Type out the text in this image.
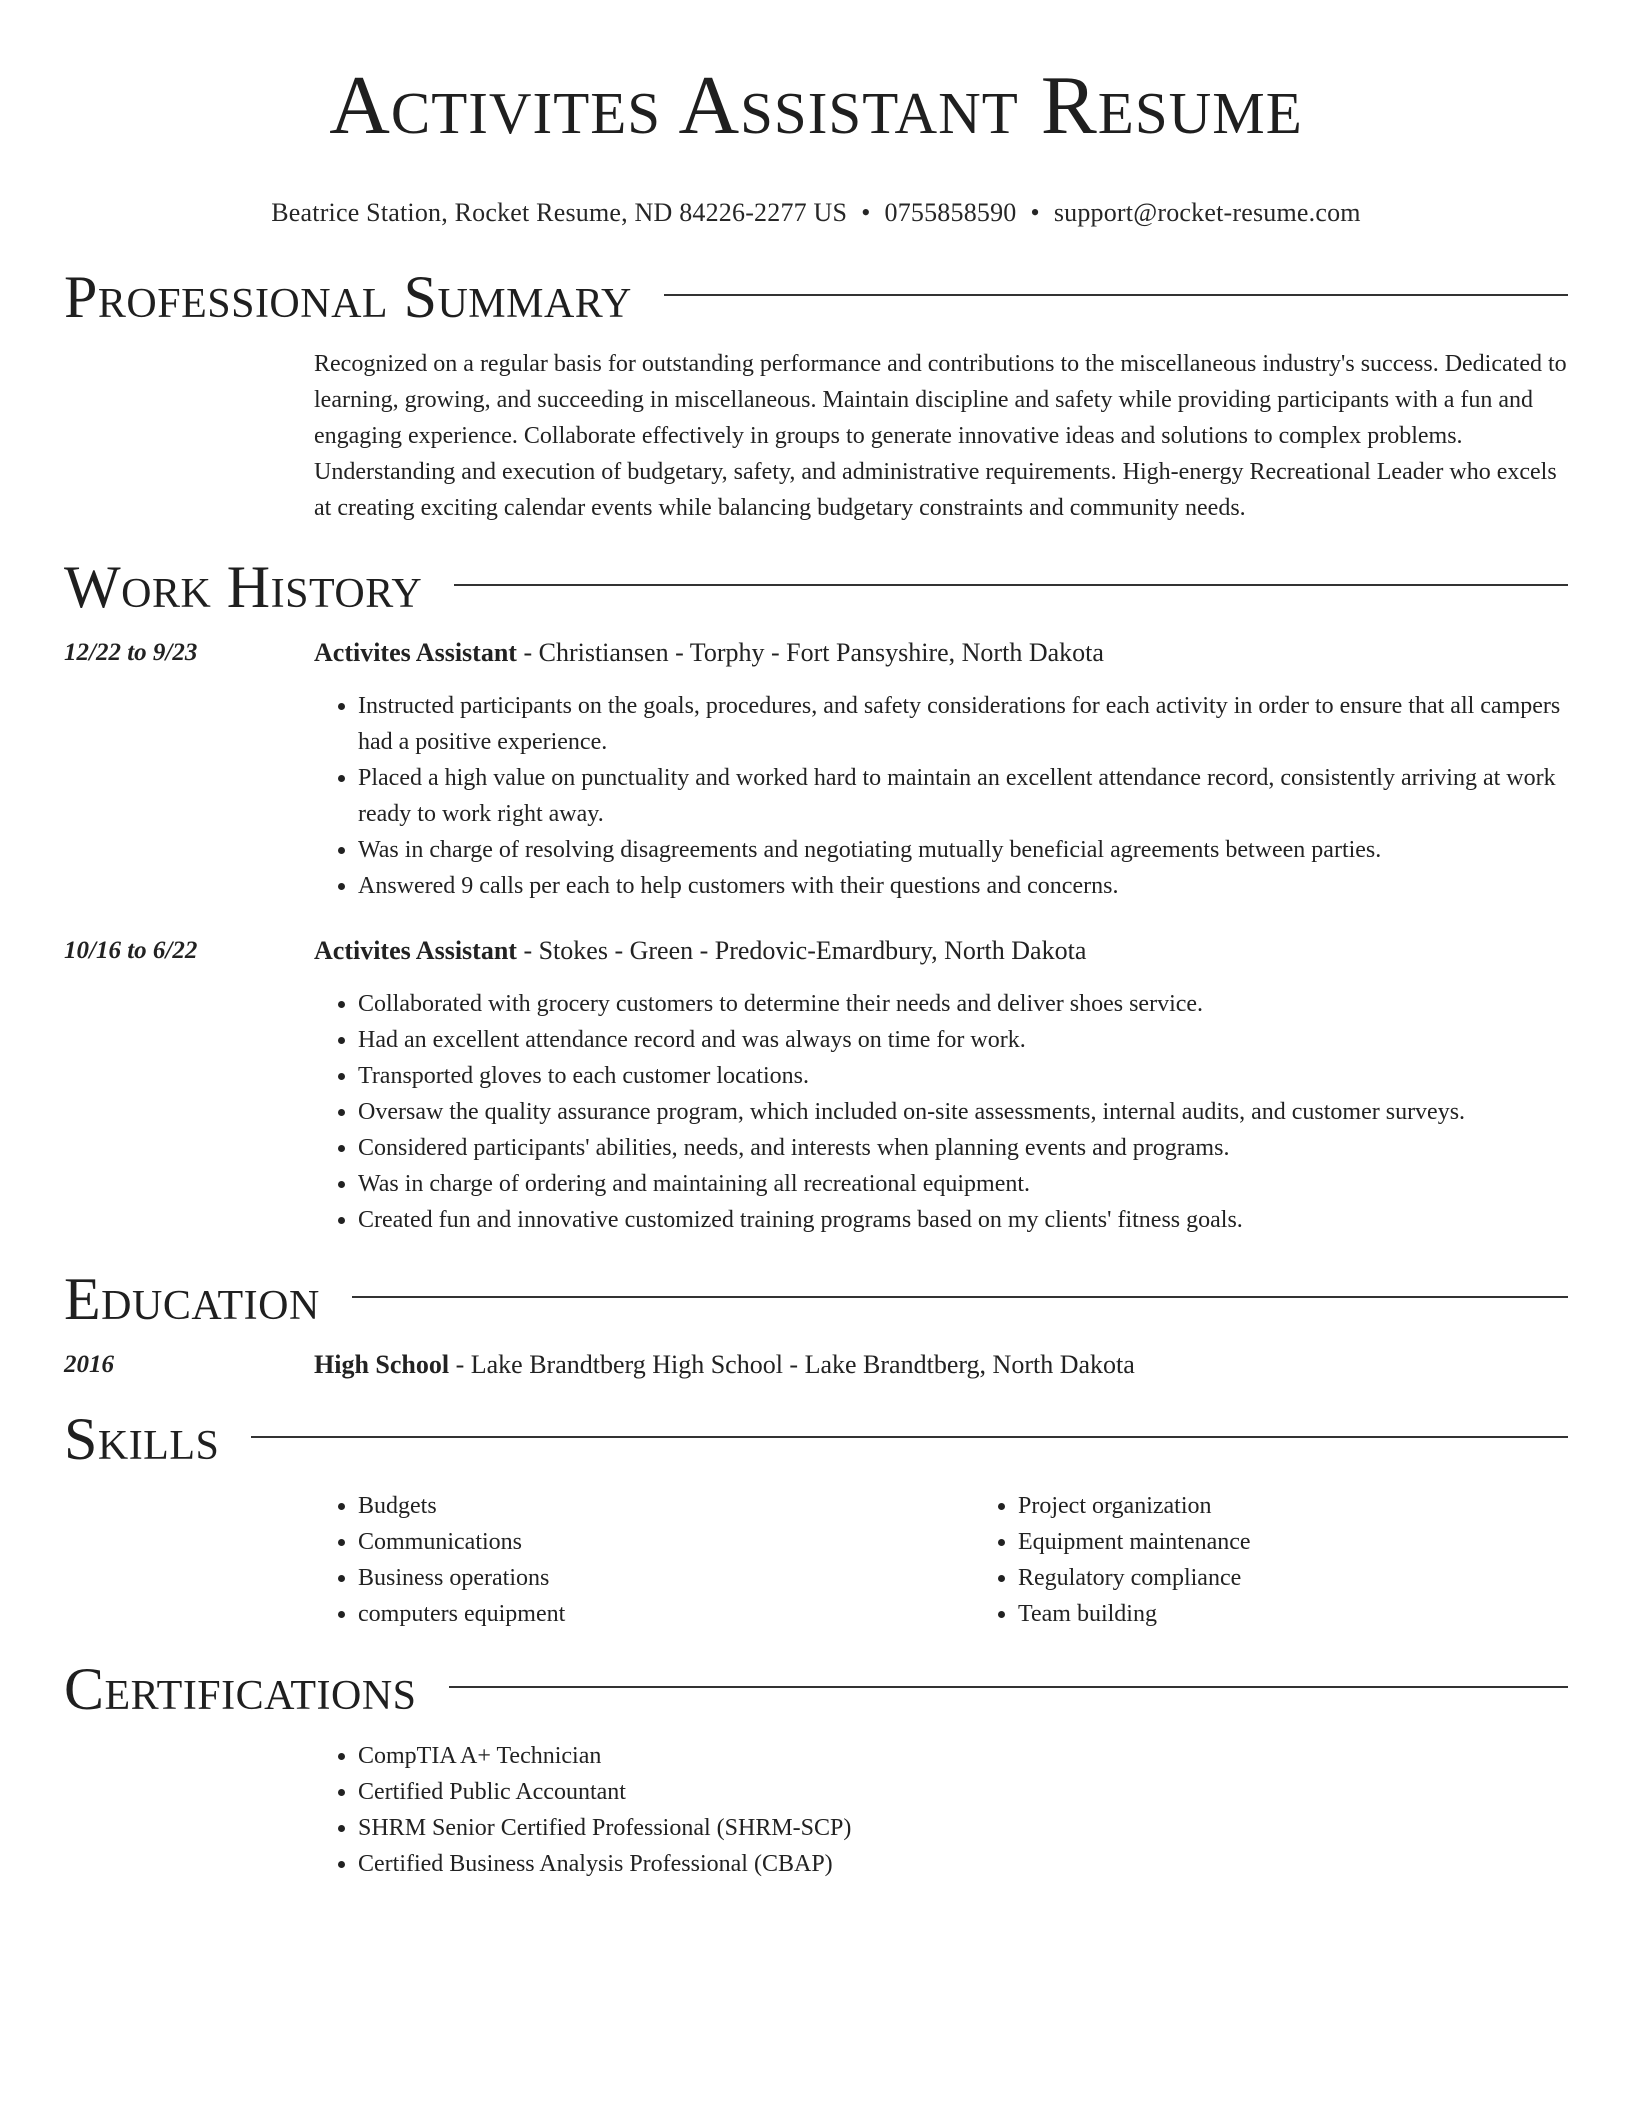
Activites Assistant Resume
Beatrice Station, Rocket Resume, ND 84226-2277 US • 0755858590 • support@rocket-resume.com
Professional Summary
Recognized on a regular basis for outstanding performance and contributions to the miscellaneous industry's success. Dedicated to learning, growing, and succeeding in miscellaneous. Maintain discipline and safety while providing participants with a fun and engaging experience. Collaborate effectively in groups to generate innovative ideas and solutions to complex problems. Understanding and execution of budgetary, safety, and administrative requirements. High-energy Recreational Leader who excels at creating exciting calendar events while balancing budgetary constraints and community needs.
Work History
12/22 to 9/23	Activites Assistant - Christiansen - Torphy - Fort Pansyshire, North Dakota
• Instructed participants on the goals, procedures, and safety considerations for each activity in order to ensure that all campers had a positive experience.
• Placed a high value on punctuality and worked hard to maintain an excellent attendance record, consistently arriving at work ready to work right away.
• Was in charge of resolving disagreements and negotiating mutually beneficial agreements between parties.
• Answered 9 calls per each to help customers with their questions and concerns.
10/16 to 6/22	Activites Assistant - Stokes - Green - Predovic-Emardbury, North Dakota
• Collaborated with grocery customers to determine their needs and deliver shoes service.
• Had an excellent attendance record and was always on time for work.
• Transported gloves to each customer locations.
• Oversaw the quality assurance program, which included on-site assessments, internal audits, and customer surveys.
• Considered participants' abilities, needs, and interests when planning events and programs.
• Was in charge of ordering and maintaining all recreational equipment.
• Created fun and innovative customized training programs based on my clients' fitness goals.
Education
2016	High School - Lake Brandtberg High School - Lake Brandtberg, North Dakota
Skills
• Budgets
• Communications
• Business operations
• computers equipment
• Project organization
• Equipment maintenance
• Regulatory compliance
• Team building
Certifications
• CompTIA A+ Technician
• Certified Public Accountant
• SHRM Senior Certified Professional (SHRM-SCP)
• Certified Business Analysis Professional (CBAP)
